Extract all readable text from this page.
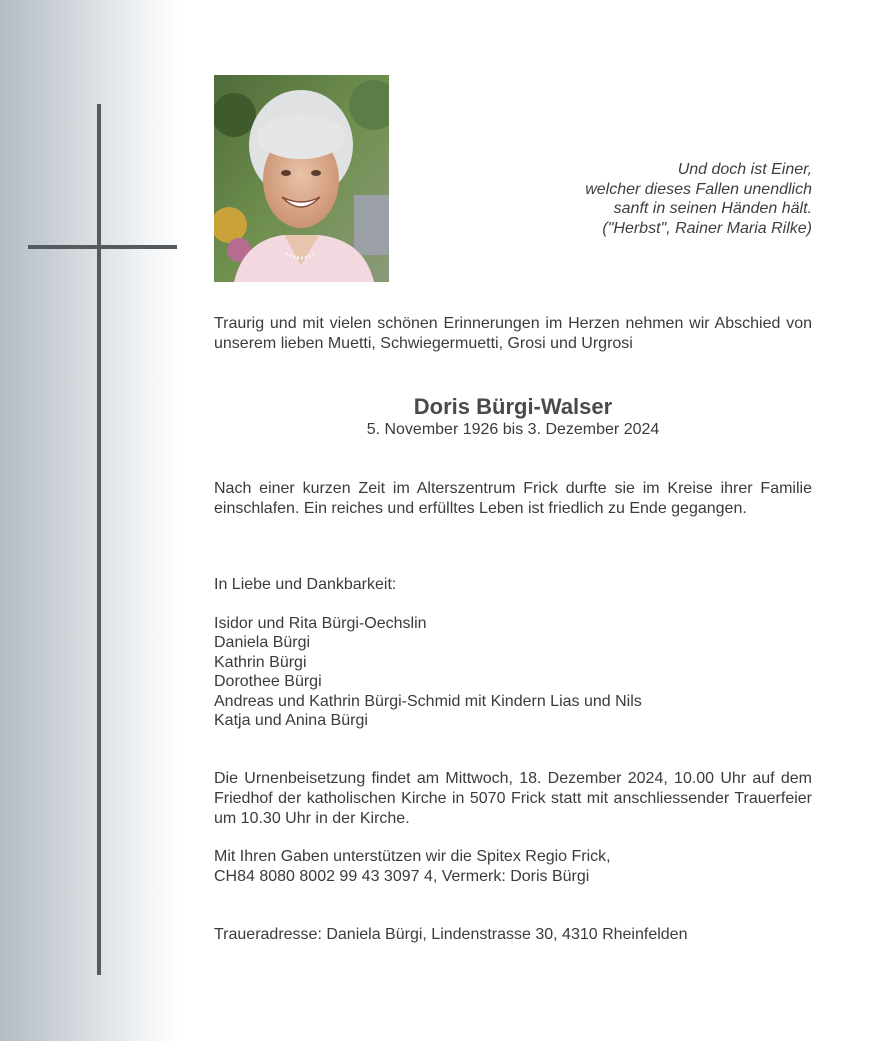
Und doch ist Einer,
welcher dieses Fallen unendlich
sanft in seinen Händen hält.
("Herbst", Rainer Maria Rilke)
Traurig und mit vielen schönen Erinnerungen im Herzen nehmen wir Abschied von unserem lieben Muetti, Schwiegermuetti, Grosi und Urgrosi
Doris Bürgi-Walser
5. November 1926 bis 3. Dezember 2024
Nach einer kurzen Zeit im Alterszentrum Frick durfte sie im Kreise ihrer Familie einschlafen. Ein reiches und erfülltes Leben ist friedlich zu Ende gegangen.
In Liebe und Dankbarkeit:
Isidor und Rita Bürgi-Oechslin
Daniela Bürgi
Kathrin Bürgi
Dorothee Bürgi
Andreas und Kathrin Bürgi-Schmid mit Kindern Lias und Nils
Katja und Anina Bürgi
Die Urnenbeisetzung findet am Mittwoch, 18. Dezember 2024, 10.00 Uhr auf dem Friedhof der katholischen Kirche in 5070 Frick statt mit anschliessender Trauerfeier um 10.30 Uhr in der Kirche.
Mit Ihren Gaben unterstützen wir die Spitex Regio Frick,
CH84 8080 8002 99 43 3097 4, Vermerk: Doris Bürgi
Traueradresse: Daniela Bürgi, Lindenstrasse 30, 4310 Rheinfelden
